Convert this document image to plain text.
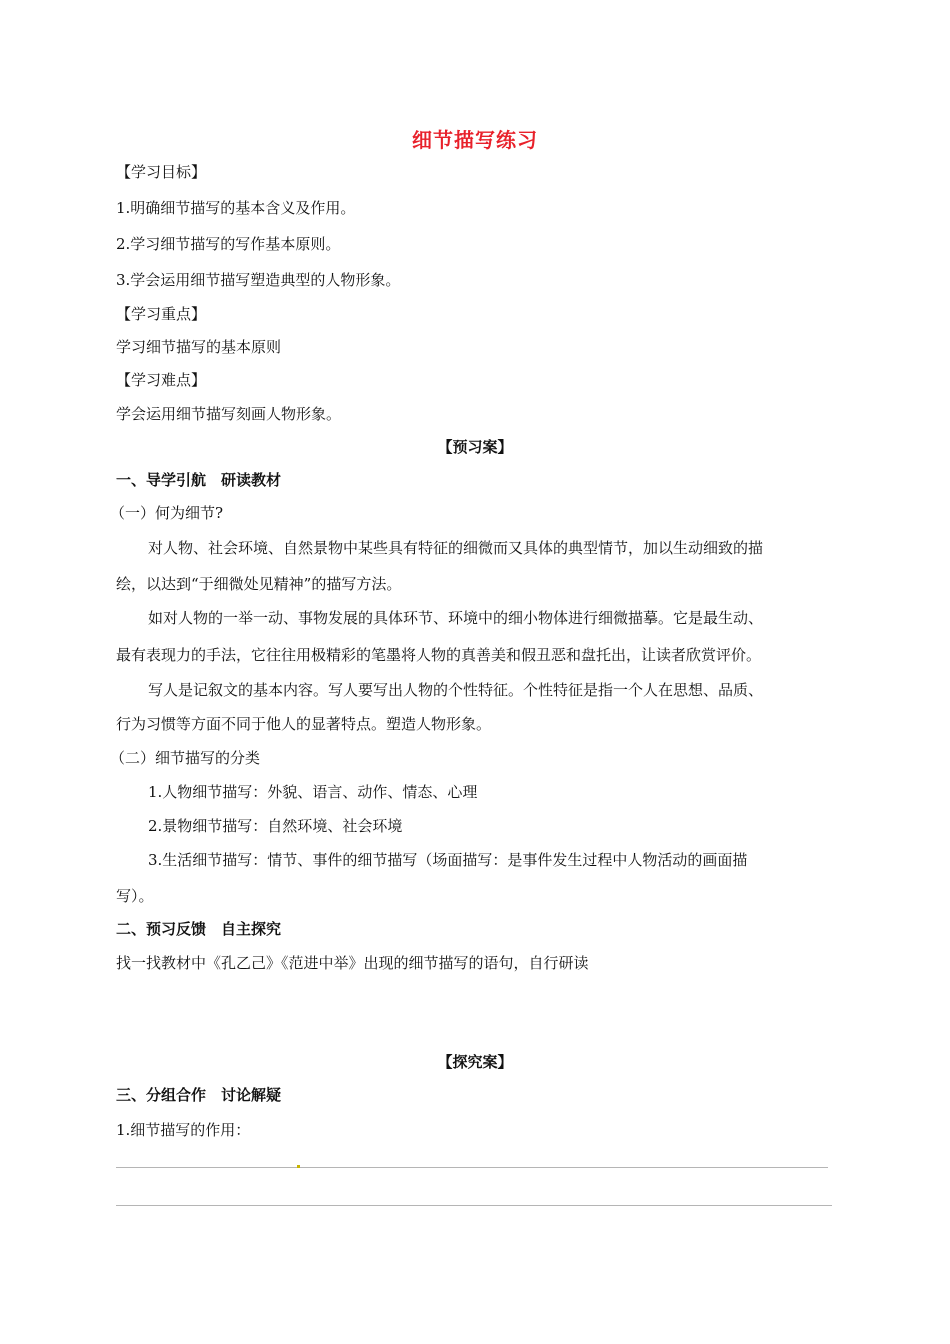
细节描写练习
【学习目标】
1.明确细节描写的基本含义及作用。
2.学习细节描写的写作基本原则。
3.学会运用细节描写塑造典型的人物形象。
【学习重点】
学习细节描写的基本原则
【学习难点】
学会运用细节描写刻画人物形象。
【预习案】
一、导学引航　研读教材
（一）何为细节?
对人物、社会环境、自然景物中某些具有特征的细微而又具体的典型情节，加以生动细致的描
绘，以达到“于细微处见精神”的描写方法。
如对人物的一举一动、事物发展的具体环节、环境中的细小物体进行细微描摹。它是最生动、
最有表现力的手法，它往往用极精彩的笔墨将人物的真善美和假丑恶和盘托出，让读者欣赏评价。
写人是记叙文的基本内容。写人要写出人物的个性特征。个性特征是指一个人在思想、品质、
行为习惯等方面不同于他人的显著特点。塑造人物形象。
（二）细节描写的分类
1.人物细节描写：外貌、语言、动作、情态、心理
2.景物细节描写：自然环境、社会环境
3.生活细节描写：情节、事件的细节描写（场面描写：是事件发生过程中人物活动的画面描
写）。
二、预习反馈　自主探究
找一找教材中《孔乙己》《范进中举》出现的细节描写的语句，自行研读
【探究案】
三、分组合作　讨论解疑
1.细节描写的作用：
